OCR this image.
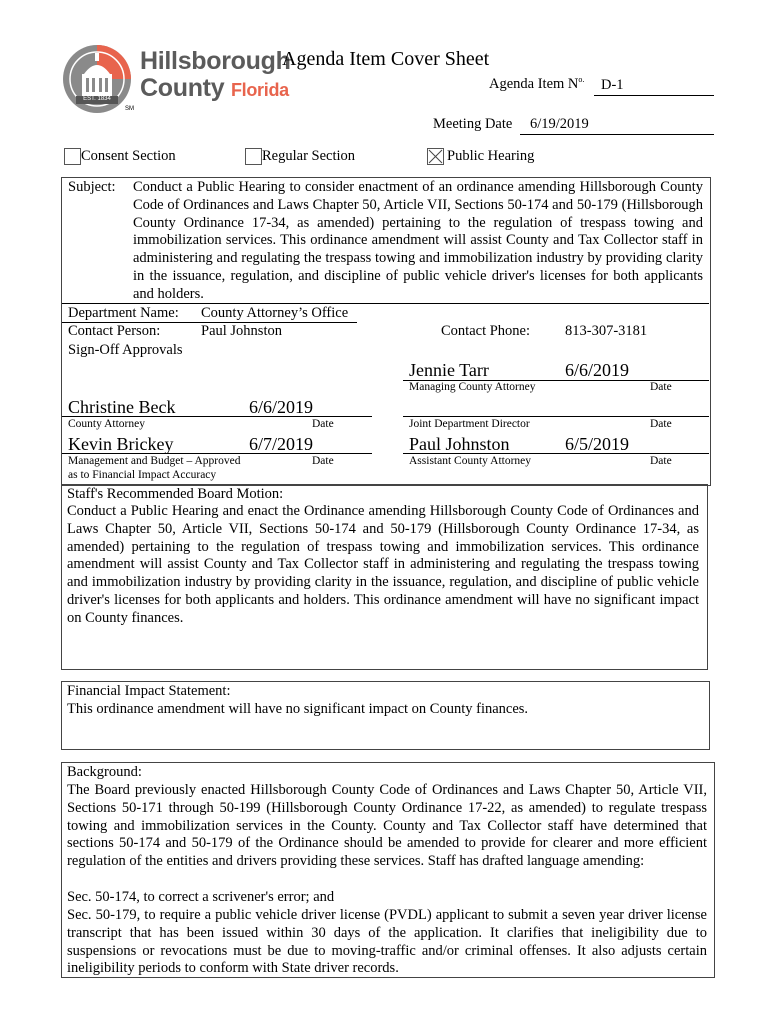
EST. 1834
Hillsborough
County Florida
SM
Agenda Item Cover Sheet
Agenda Item $N^{o.}$ D-1
Meeting Date 6/19/2019
Consent Section	Regular Section	Public Hearing
Subject: Conduct a Public Hearing to consider enactment of an ordinance amending Hillsborough County Code of Ordinances and Laws Chapter 50, Article VII, Sections 50-174 and 50-179 (Hillsborough County Ordinance 17-34, as amended) pertaining to the regulation of trespass towing and immobilization services. This ordinance amendment will assist County and Tax Collector staff in administering and regulating the trespass towing and immobilization industry by providing clarity in the issuance, regulation, and discipline of public vehicle driver's licenses for both applicants and holders.
Department Name: County Attorney’s Office
Contact Person:	Paul Johnston	Contact Phone: 813-307-3181
Sign-Off Approvals
Jennie Tarr	6/6/2019
Managing County Attorney	Date
Joint Department Director	Date
Paul Johnston	6/5/2019
Assistant County Attorney	Date
Christine Beck	6/6/2019
County Attorney	Date
Kevin Brickey	6/7/2019
Management and Budget – Approved
as to Financial Impact Accuracy
Date
Staff's Recommended Board Motion:
Conduct a Public Hearing and enact the Ordinance amending Hillsborough County Code of Ordinances and Laws Chapter 50, Article VII, Sections 50-174 and 50-179 (Hillsborough County Ordinance 17-34, as amended) pertaining to the regulation of trespass towing and immobilization services. This ordinance amendment will assist County and Tax Collector staff in administering and regulating the trespass towing and immobilization industry by providing clarity in the issuance, regulation, and discipline of public vehicle driver's licenses for both applicants and holders. This ordinance amendment will have no significant impact on County finances.
Financial Impact Statement:
This ordinance amendment will have no significant impact on County finances.
Background:
The Board previously enacted Hillsborough County Code of Ordinances and Laws Chapter 50, Article VII, Sections 50-171 through 50-199 (Hillsborough County Ordinance 17-22, as amended) to regulate trespass towing and immobilization services in the County. County and Tax Collector staff have determined that sections 50-174 and 50-179 of the Ordinance should be amended to provide for clearer and more efficient regulation of the entities and drivers providing these services. Staff has drafted language amending:
Sec. 50-174, to correct a scrivener's error; and
Sec. 50-179, to require a public vehicle driver license (PVDL) applicant to submit a seven year driver license transcript that has been issued within 30 days of the application. It clarifies that ineligibility due to suspensions or revocations must be due to moving-traffic and/or criminal offenses. It also adjusts certain ineligibility periods to conform with State driver records.
